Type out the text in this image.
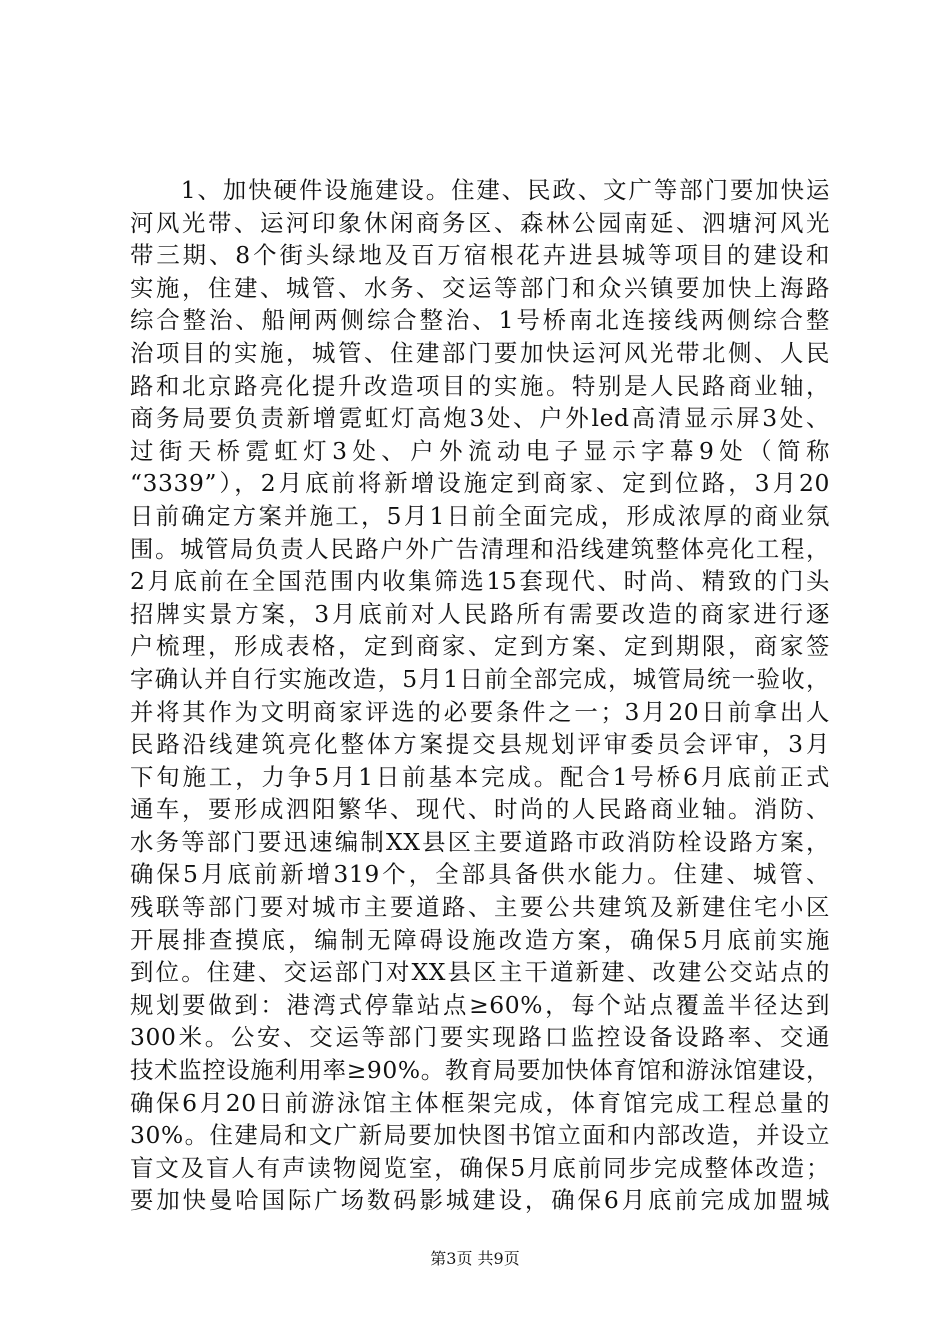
　　1、加快硬件设施建设。住建、民政、文广等部门要加快运
河风光带、运河印象休闲商务区、森林公园南延、泗塘河风光
带三期、8个街头绿地及百万宿根花卉进县城等项目的建设和
实施，住建、城管、水务、交运等部门和众兴镇要加快上海路
综合整治、船闸两侧综合整治、1号桥南北连接线两侧综合整
治项目的实施，城管、住建部门要加快运河风光带北侧、人民
路和北京路亮化提升改造项目的实施。特别是人民路商业轴，
商务局要负责新增霓虹灯高炮3处、户外led高清显示屏3处、
过街天桥霓虹灯3处、户外流动电子显示字幕9处（简称
“3339”），2月底前将新增设施定到商家、定到位路，3月20
日前确定方案并施工，5月1日前全面完成，形成浓厚的商业氛
围。城管局负责人民路户外广告清理和沿线建筑整体亮化工程，
2月底前在全国范围内收集筛选15套现代、时尚、精致的门头
招牌实景方案，3月底前对人民路所有需要改造的商家进行逐
户梳理，形成表格，定到商家、定到方案、定到期限，商家签
字确认并自行实施改造，5月1日前全部完成，城管局统一验收，
并将其作为文明商家评选的必要条件之一；3月20日前拿出人
民路沿线建筑亮化整体方案提交县规划评审委员会评审，3月
下旬施工，力争5月1日前基本完成。配合1号桥6月底前正式
通车，要形成泗阳繁华、现代、时尚的人民路商业轴。消防、
水务等部门要迅速编制XX县区主要道路市政消防栓设路方案，
确保5月底前新增319个，全部具备供水能力。住建、城管、
残联等部门要对城市主要道路、主要公共建筑及新建住宅小区
开展排查摸底，编制无障碍设施改造方案，确保5月底前实施
到位。住建、交运部门对XX县区主干道新建、改建公交站点的
规划要做到：港湾式停靠站点≥60%，每个站点覆盖半径达到
300米。公安、交运等部门要实现路口监控设备设路率、交通
技术监控设施利用率≥90%。教育局要加快体育馆和游泳馆建设，
确保6月20日前游泳馆主体框架完成，体育馆完成工程总量的
30%。住建局和文广新局要加快图书馆立面和内部改造，并设立
盲文及盲人有声读物阅览室，确保5月底前同步完成整体改造；
要加快曼哈国际广场数码影城建设，确保6月底前完成加盟城
第3页 共9页
